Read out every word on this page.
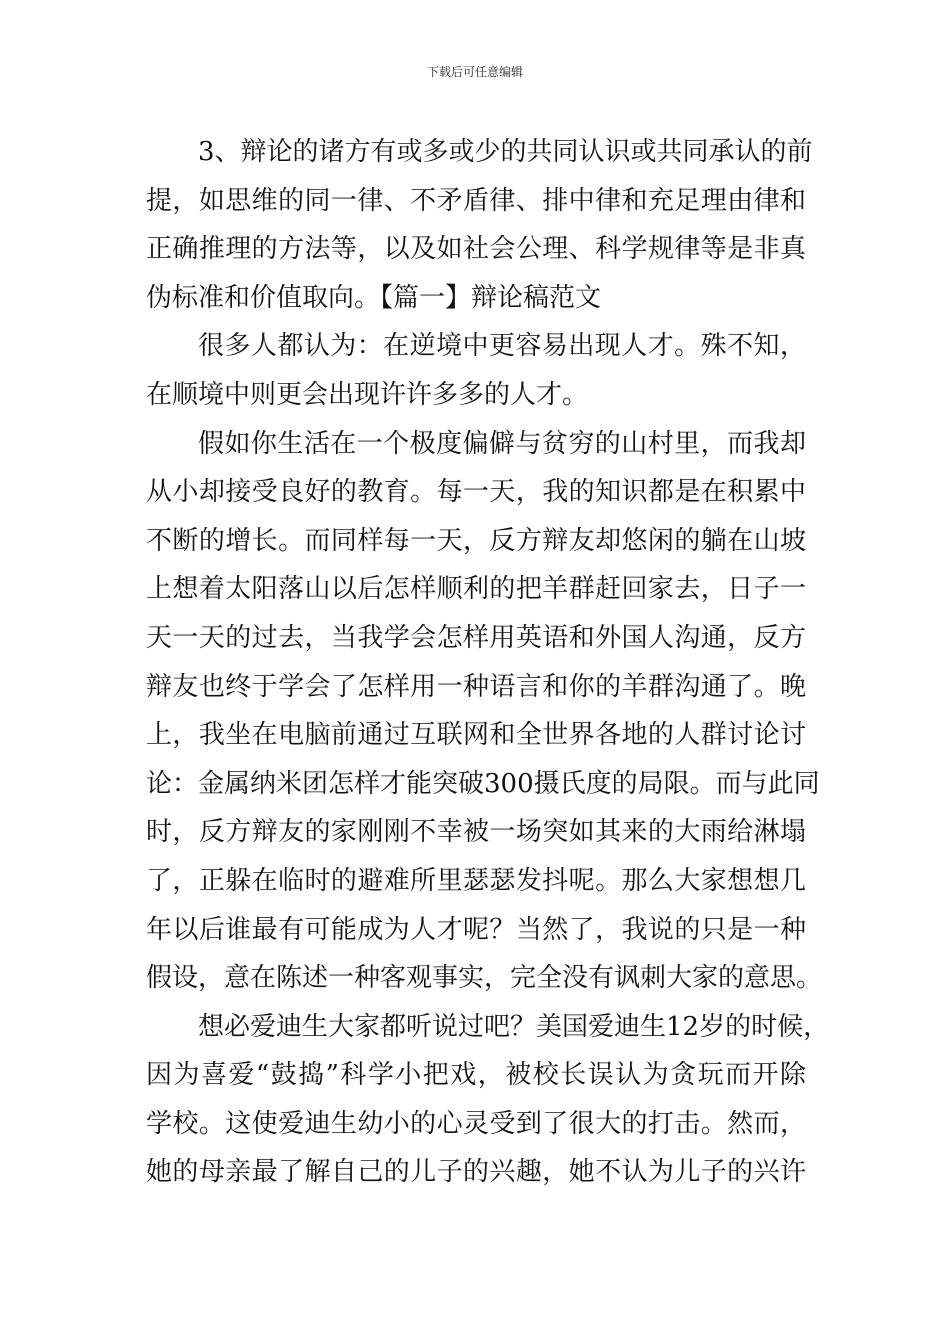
下载后可任意编辑
3、辩论的诸方有或多或少的共同认识或共同承认的前
提，如思维的同一律、不矛盾律、排中律和充足理由律和
正确推理的方法等，以及如社会公理、科学规律等是非真
伪标准和价值取向。【篇一】辩论稿范文
很多人都认为：在逆境中更容易出现人才。殊不知，
在顺境中则更会出现许许多多的人才。
假如你生活在一个极度偏僻与贫穷的山村里，而我却
从小却接受良好的教育。每一天，我的知识都是在积累中
不断的增长。而同样每一天，反方辩友却悠闲的躺在山坡
上想着太阳落山以后怎样顺利的把羊群赶回家去，日子一
天一天的过去，当我学会怎样用英语和外国人沟通，反方
辩友也终于学会了怎样用一种语言和你的羊群沟通了。晚
上，我坐在电脑前通过互联网和全世界各地的人群讨论讨
论：金属纳米团怎样才能突破300摄氏度的局限。而与此同
时，反方辩友的家刚刚不幸被一场突如其来的大雨给淋塌
了，正躲在临时的避难所里瑟瑟发抖呢。那么大家想想几
年以后谁最有可能成为人才呢？当然了，我说的只是一种
假设，意在陈述一种客观事实，完全没有讽刺大家的意思。
想必爱迪生大家都听说过吧？美国爱迪生12岁的时候，
因为喜爱“鼓捣”科学小把戏，被校长误认为贪玩而开除
学校。这使爱迪生幼小的心灵受到了很大的打击。然而，
她的母亲最了解自己的儿子的兴趣，她不认为儿子的兴许
